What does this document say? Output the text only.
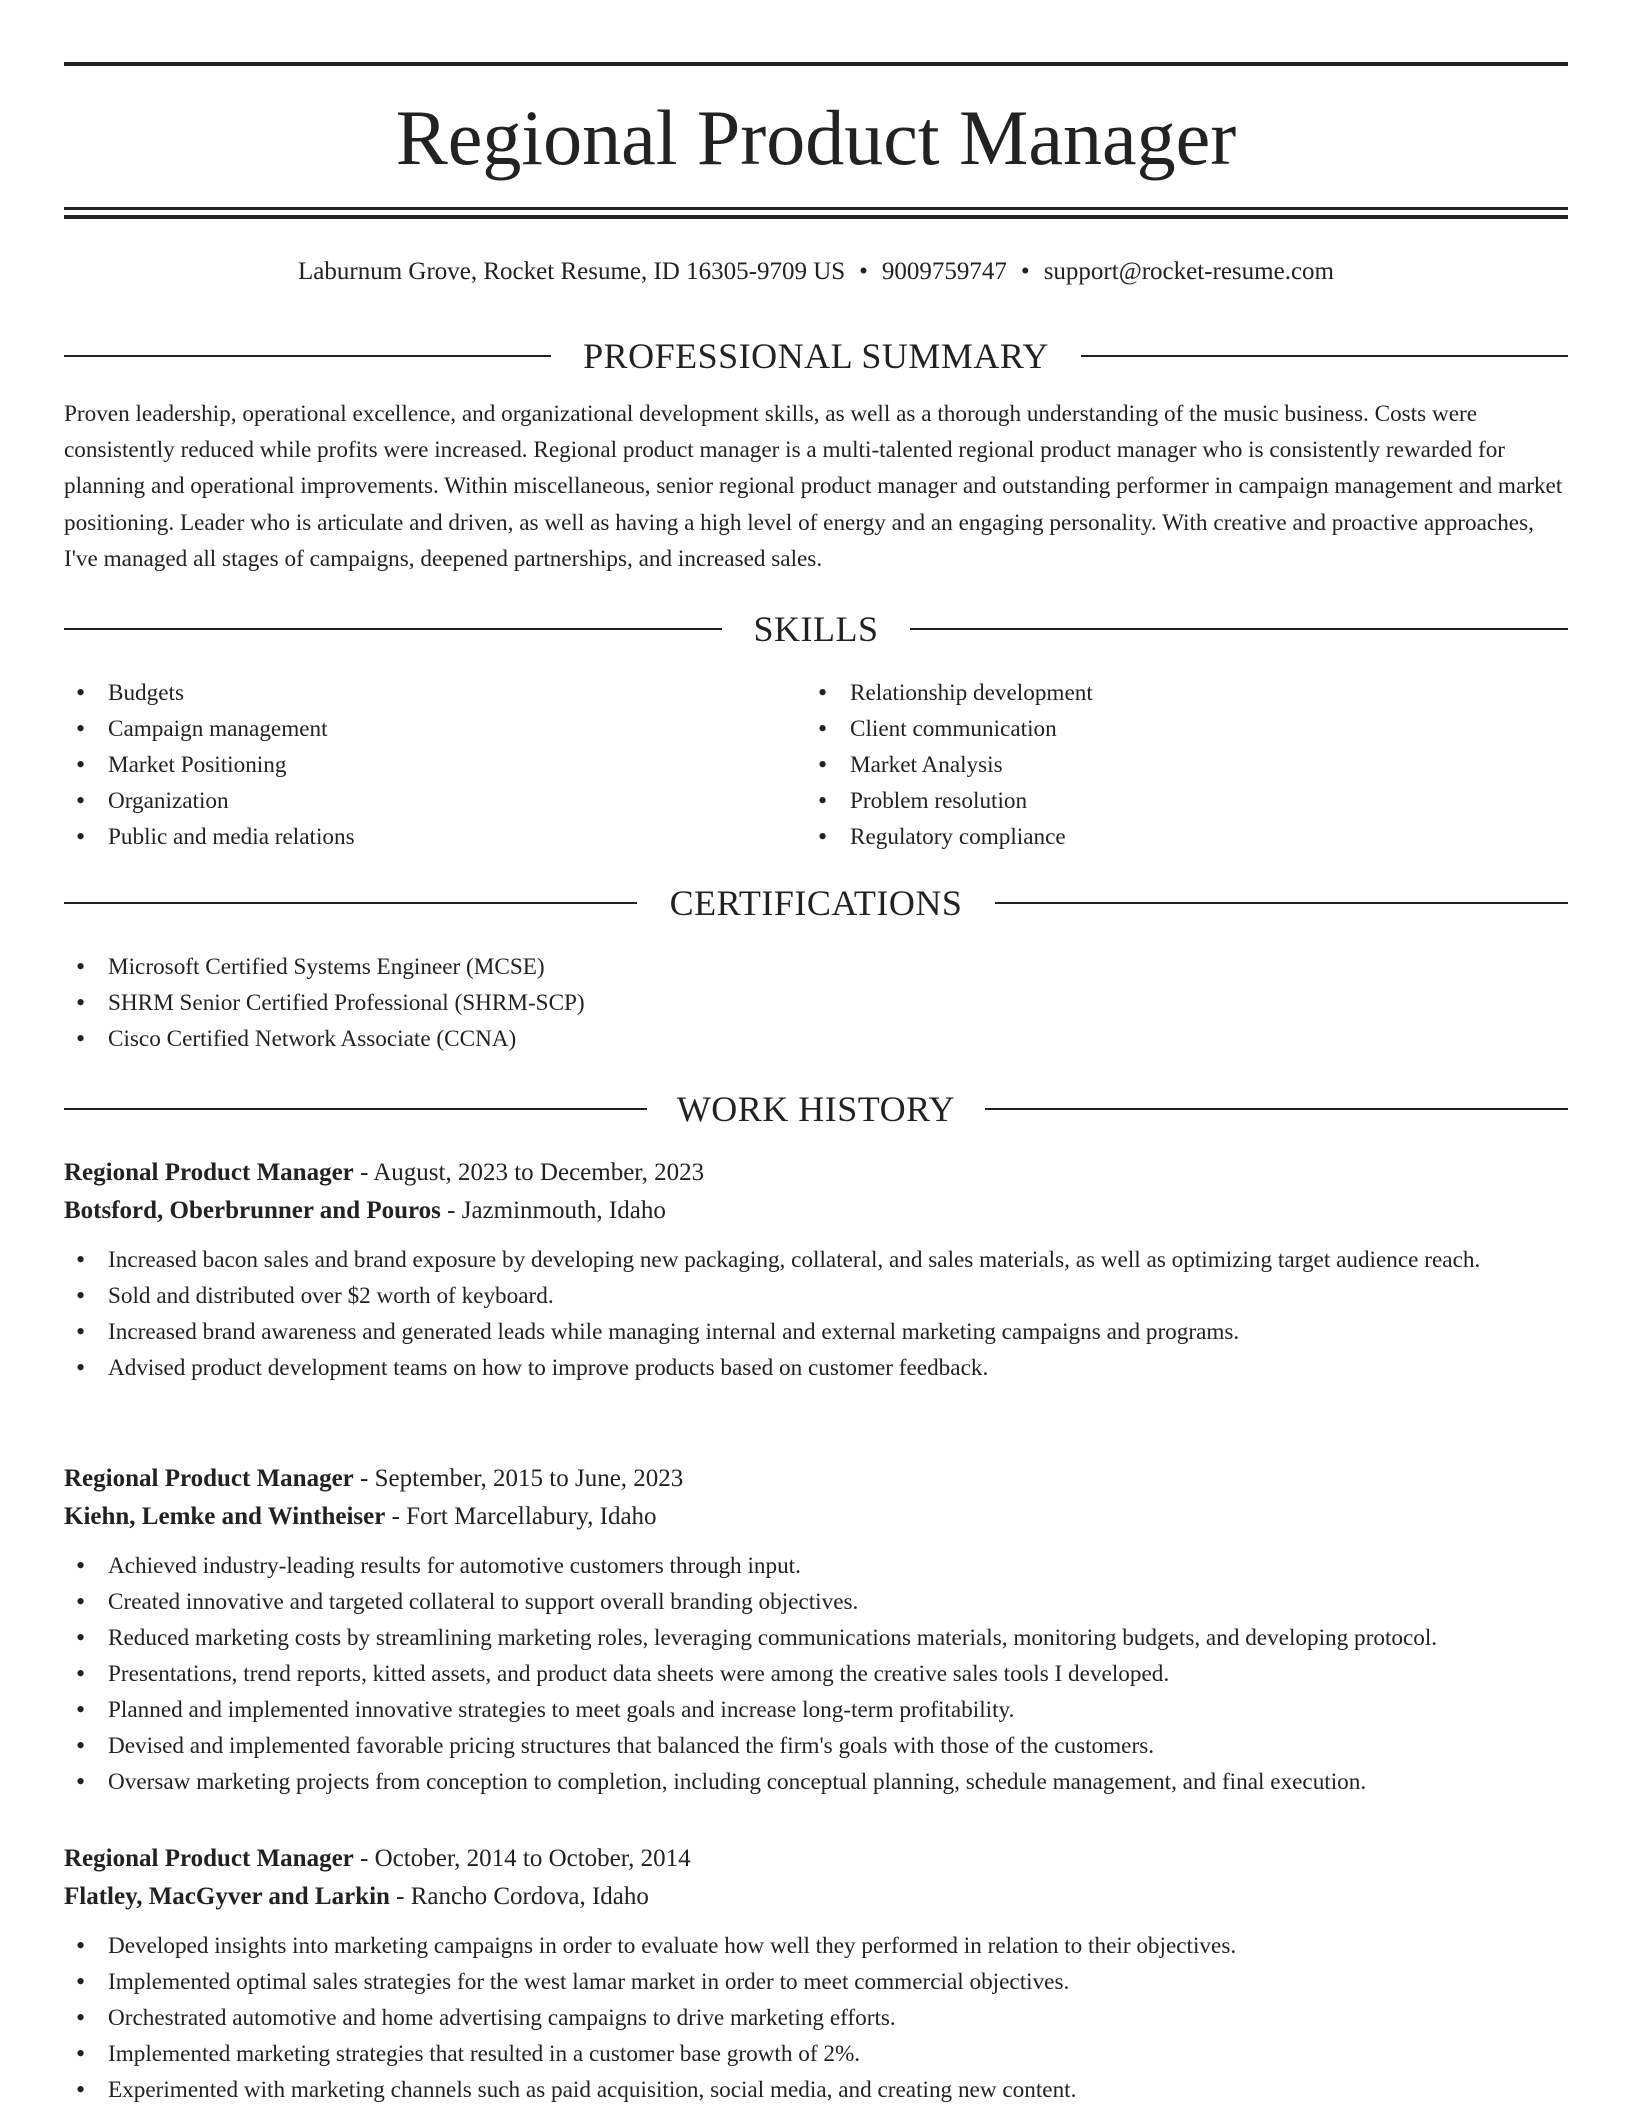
Regional Product Manager
Laburnum Grove, Rocket Resume, ID 16305-9709 US • 9009759747 • support@rocket-resume.com
PROFESSIONAL SUMMARY

Proven leadership, operational excellence, and organizational development skills, as well as a thorough understanding of the music business. Costs were consistently reduced while profits were increased. Regional product manager is a multi-talented regional product manager who is consistently rewarded for planning and operational improvements. Within miscellaneous, senior regional product manager and outstanding performer in campaign management and market positioning. Leader who is articulate and driven, as well as having a high level of energy and an engaging personality. With creative and proactive approaches, I've managed all stages of campaigns, deepened partnerships, and increased sales.

SKILLS
• Budgets
• Campaign management
• Market Positioning
• Organization
• Public and media relations
• Relationship development
• Client communication
• Market Analysis
• Problem resolution
• Regulatory compliance
CERTIFICATIONS
• Microsoft Certified Systems Engineer (MCSE)
• SHRM Senior Certified Professional (SHRM-SCP)
• Cisco Certified Network Associate (CCNA)
WORK HISTORY
Regional Product Manager - August, 2023 to December, 2023
Botsford, Oberbrunner and Pouros - Jazminmouth, Idaho
• Increased bacon sales and brand exposure by developing new packaging, collateral, and sales materials, as well as optimizing target audience reach.
• Sold and distributed over $2 worth of keyboard.
• Increased brand awareness and generated leads while managing internal and external marketing campaigns and programs.
• Advised product development teams on how to improve products based on customer feedback.
Regional Product Manager - September, 2015 to June, 2023
Kiehn, Lemke and Wintheiser - Fort Marcellabury, Idaho
• Achieved industry-leading results for automotive customers through input.
• Created innovative and targeted collateral to support overall branding objectives.
• Reduced marketing costs by streamlining marketing roles, leveraging communications materials, monitoring budgets, and developing protocol.
• Presentations, trend reports, kitted assets, and product data sheets were among the creative sales tools I developed.
• Planned and implemented innovative strategies to meet goals and increase long-term profitability.
• Devised and implemented favorable pricing structures that balanced the firm's goals with those of the customers.
• Oversaw marketing projects from conception to completion, including conceptual planning, schedule management, and final execution.
Regional Product Manager - October, 2014 to October, 2014
Flatley, MacGyver and Larkin - Rancho Cordova, Idaho
• Developed insights into marketing campaigns in order to evaluate how well they performed in relation to their objectives.
• Implemented optimal sales strategies for the west lamar market in order to meet commercial objectives.
• Orchestrated automotive and home advertising campaigns to drive marketing efforts.
• Implemented marketing strategies that resulted in a customer base growth of 2%.
• Experimented with marketing channels such as paid acquisition, social media, and creating new content.
